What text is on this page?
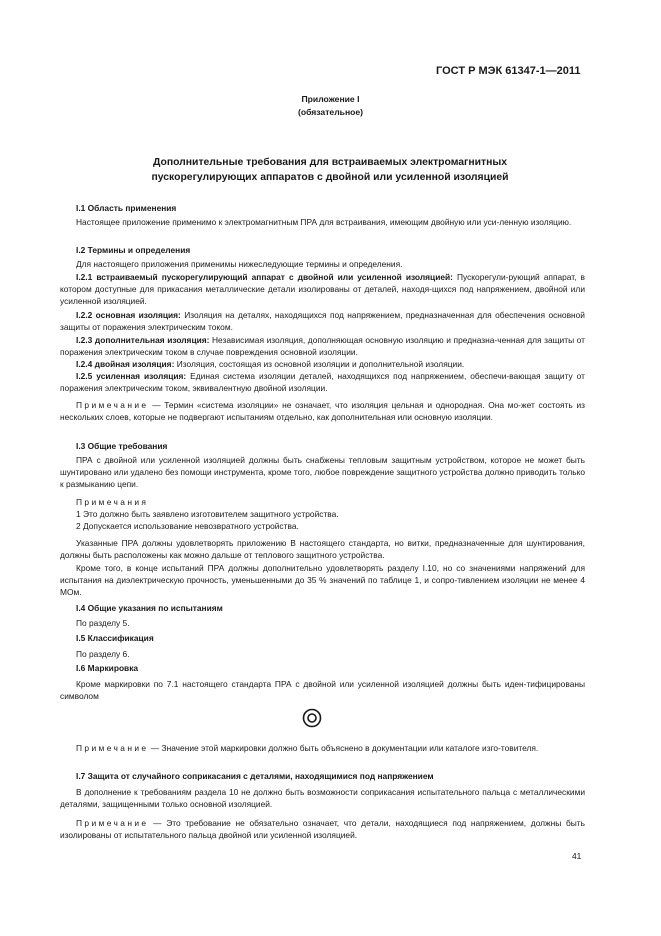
ГОСТ Р МЭК 61347-1—2011
Приложение I
(обязательное)
Дополнительные требования для встраиваемых электромагнитных
пускорегулирующих аппаратов с двойной или усиленной изоляцией
I.1 Область применения
Настоящее приложение применимо к электромагнитным ПРА для встраивания, имеющим двойную или уси-ленную изоляцию.
I.2 Термины и определения
Для настоящего приложения применимы нижеследующие термины и определения.
I.2.1 встраиваемый пускорегулирующий аппарат с двойной или усиленной изоляцией: Пускорегули-рующий аппарат, в котором доступные для прикасания металлические детали изолированы от деталей, находя-щихся под напряжением, двойной или усиленной изоляцией.
I.2.2 основная изоляция: Изоляция на деталях, находящихся под напряжением, предназначенная для обеспечения основной защиты от поражения электрическим током.
I.2.3 дополнительная изоляция: Независимая изоляция, дополняющая основную изоляцию и предназна-ченная для защиты от поражения электрическим током в случае повреждения основной изоляции.
I.2.4 двойная изоляция: Изоляция, состоящая из основной изоляции и дополнительной изоляции.
I.2.5 усиленная изоляция: Единая система изоляции деталей, находящихся под напряжением, обеспечи-вающая защиту от поражения электрическим током, эквивалентную двойной изоляции.
Примечание — Термин «система изоляции» не означает, что изоляция цельная и однородная. Она мо-жет состоять из нескольких слоев, которые не подвергают испытаниям отдельно, как дополнительная или основную изоляции.
I.3 Общие требования
ПРА с двойной или усиленной изоляцией должны быть снабжены тепловым защитным устройством, которое не может быть шунтировано или удалено без помощи инструмента, кроме того, любое повреждение защитного устройства должно приводить только к размыканию цепи.
Примечания
1 Это должно быть заявлено изготовителем защитного устройства.
2 Допускается использование невозвратного устройства.
Указанные ПРА должны удовлетворять приложению В настоящего стандарта, но витки, предназначенные для шунтирования, должны быть расположены как можно дальше от теплового защитного устройства.
Кроме того, в конце испытаний ПРА должны дополнительно удовлетворять разделу I.10, но со значениями напряжений для испытания на диэлектрическую прочность, уменьшенными до 35 % значений по таблице 1, и сопро-тивлением изоляции не менее 4 МОм.
I.4 Общие указания по испытаниям
По разделу 5.
I.5 Классификация
По разделу 6.
I.6 Маркировка
Кроме маркировки по 7.1 настоящего стандарта ПРА с двойной или усиленной изоляцией должны быть иден-тифицированы символом
Примечание — Значение этой маркировки должно быть объяснено в документации или каталоге изго-товителя.
I.7 Защита от случайного соприкасания с деталями, находящимися под напряжением
В дополнение к требованиям раздела 10 не должно быть возможности соприкасания испытательного пальца с металлическими деталями, защищенными только основной изоляцией.
Примечание — Это требование не обязательно означает, что детали, находящиеся под напряжением, должны быть изолированы от испытательного пальца двойной или усиленной изоляцией.
41
